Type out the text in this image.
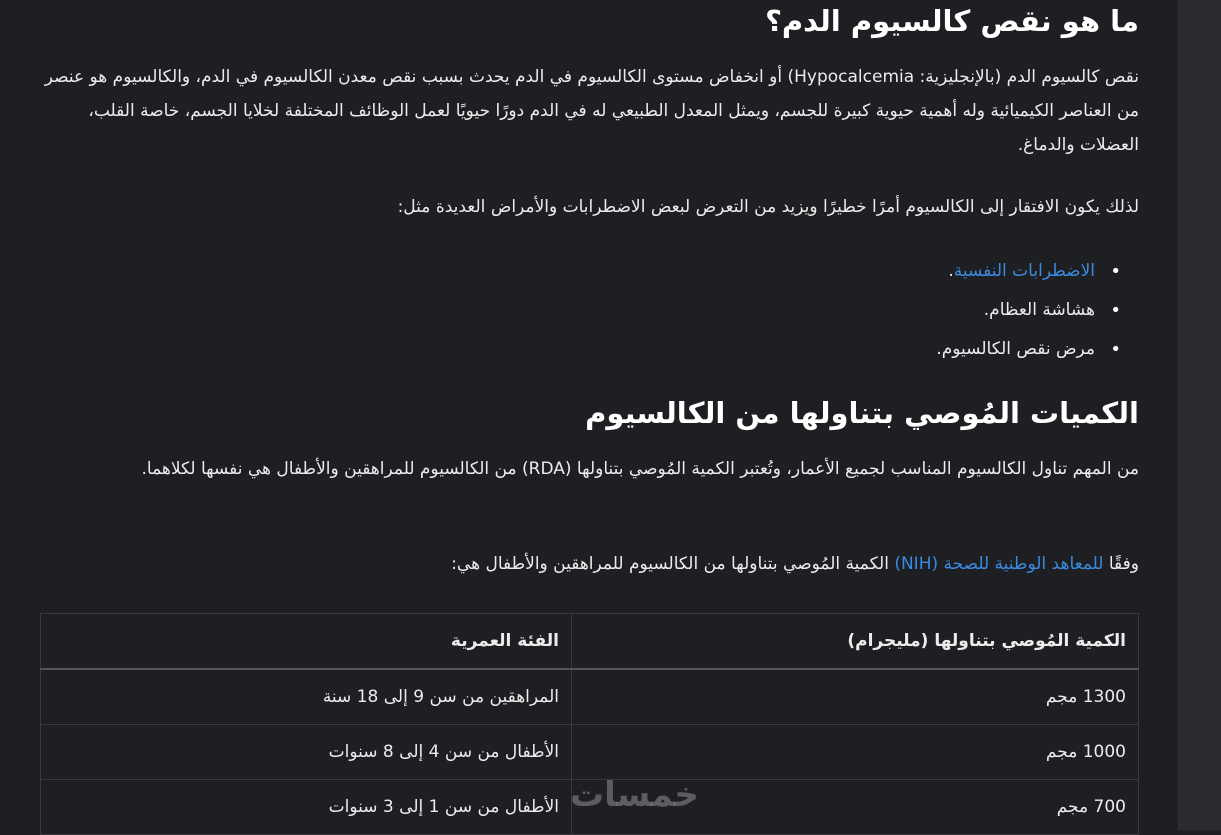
ما هو نقص كالسيوم الدم؟

نقص كالسيوم الدم (بالإنجليزية: Hypocalcemia) أو انخفاض مستوى الكالسيوم في الدم يحدث بسبب نقص معدن الكالسيوم في الدم، والكالسيوم هو عنصر من العناصر الكيميائية وله أهمية حيوية كبيرة للجسم، ويمثل المعدل الطبيعي له في الدم دورًا حيويًا لعمل الوظائف المختلفة لخلايا الجسم، خاصة القلب، العضلات والدماغ.

لذلك يكون الافتقار إلى الكالسيوم أمرًا خطيرًا ويزيد من التعرض لبعض الاضطرابات والأمراض العديدة مثل:

• الاضطرابات النفسية.
• هشاشة العظام.
• مرض نقص الكالسيوم.
الكميات المُوصي بتناولها من الكالسيوم

من المهم تناول الكالسيوم المناسب لجميع الأعمار، وتُعتبر الكمية المُوصي بتناولها (RDA) من الكالسيوم للمراهقين والأطفال هي نفسها لكلاهما.

وفقًا للمعاهد الوطنية للصحة (NIH) الكمية المُوصي بتناولها من الكالسيوم للمراهقين والأطفال هي:

الكمية المُوصي بتناولها (مليجرام)	الفئة العمرية
1300 مجم	المراهقين من سن 9 إلى 18 سنة
1000 مجم	الأطفال من سن 4 إلى 8 سنوات
700 مجم	الأطفال من سن 1 إلى 3 سنوات خمسات
